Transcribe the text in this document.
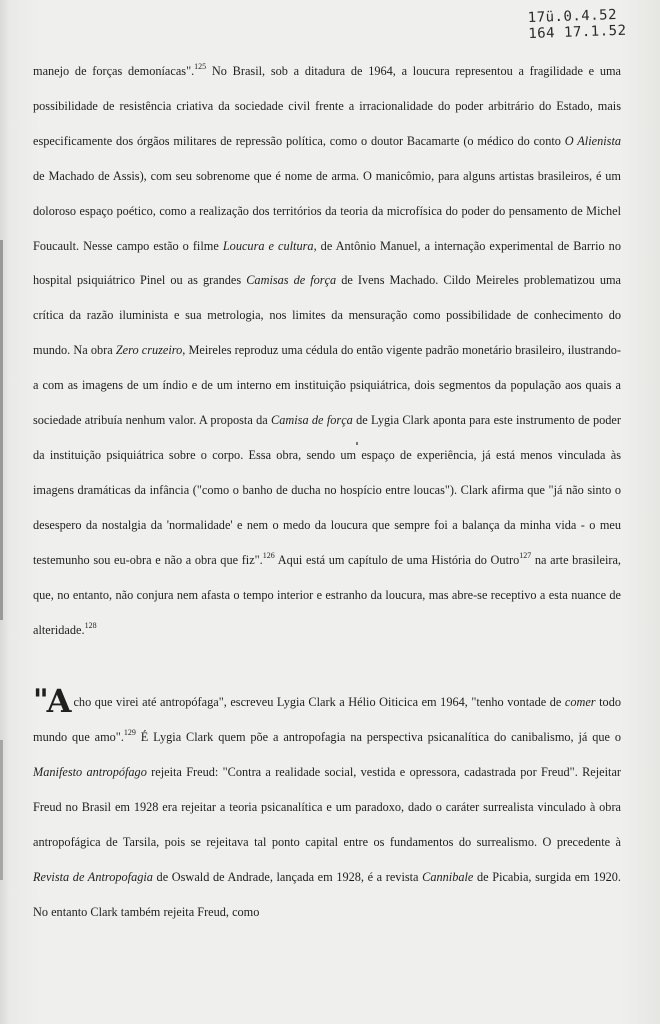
17ü.0.4.52
164 17.1.52

manejo de forças demoníacas".$^{125}$ No Brasil, sob a ditadura de 1964, a loucura representou a fragilidade e uma possibilidade de resistência criativa da sociedade civil frente a irracionalidade do poder arbitrário do Estado, mais especificamente dos órgãos militares de repressão política, como o doutor Bacamarte (o médico do conto O Alienista de Machado de Assis), com seu sobrenome que é nome de arma. O manicômio, para alguns artistas brasileiros, é um doloroso espaço poético, como a realização dos territórios da teoria da microfísica do poder do pensamento de Michel Foucault. Nesse campo estão o filme Loucura e cultura, de Antônio Manuel, a internação experimental de Barrio no hospital psiquiátrico Pinel ou as grandes Camisas de força de Ivens Machado. Cildo Meireles problematizou uma crítica da razão iluminista e sua metrologia, nos limites da mensuração como possibilidade de conhecimento do mundo. Na obra Zero cruzeiro, Meireles reproduz uma cédula do então vigente padrão monetário brasileiro, ilustrando-a com as imagens de um índio e de um interno em instituição psiquiátrica, dois segmentos da população aos quais a sociedade atribuía nenhum valor. A proposta da Camisa de força de Lygia Clark aponta para este instrumento de poder da instituição psiquiátrica sobre o corpo. Essa obra, sendo um espaço de experiência, já está menos vinculada às imagens dramáticas da infância ("como o banho de ducha no hospício entre loucas"). Clark afirma que "já não sinto o desespero da nostalgia da 'normalidade' e nem o medo da loucura que sempre foi a balança da minha vida - o meu testemunho sou eu-obra e não a obra que fiz".$^{126}$ Aqui está um capítulo de uma História do Outro$^{127}$ na arte brasileira, que, no entanto, não conjura nem afasta o tempo interior e estranho da loucura, mas abre-se receptivo a esta nuance de alteridade.$^{128}$

"A cho que virei até antropófaga", escreveu Lygia Clark a Hélio Oiticica em 1964, "tenho vontade de comer todo mundo que amo".$^{129}$ É Lygia Clark quem põe a antropofagia na perspectiva psicanalítica do canibalismo, já que o Manifesto antropófago rejeita Freud: "Contra a realidade social, vestida e opressora, cadastrada por Freud". Rejeitar Freud no Brasil em 1928 era rejeitar a teoria psicanalítica e um paradoxo, dado o caráter surrealista vinculado à obra antropofágica de Tarsila, pois se rejeitava tal ponto capital entre os fundamentos do surrealismo. O precedente à Revista de Antropofagia de Oswald de Andrade, lançada em 1928, é a revista Cannibale de Picabia, surgida em 1920. No entanto Clark também rejeita Freud, como
